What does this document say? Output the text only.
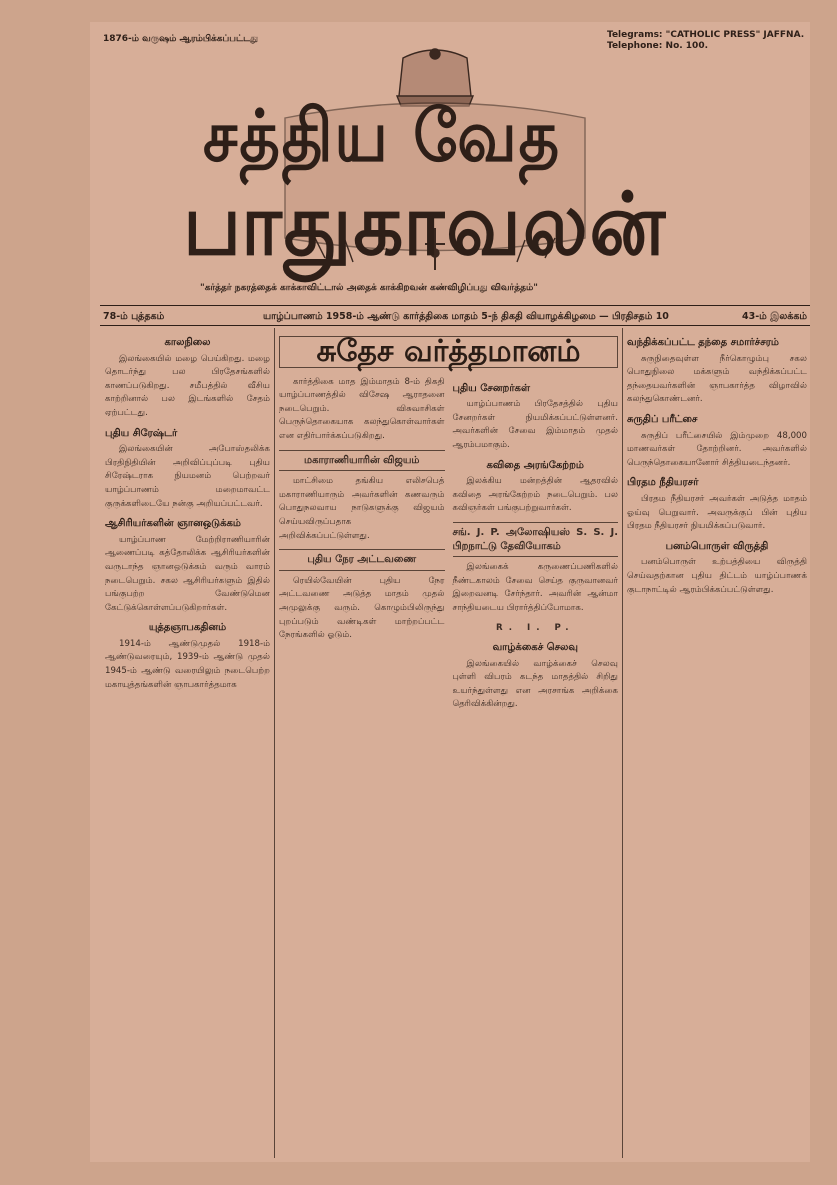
1876-ம் வருஷம் ஆரம்பிக்கப்பட்டது	Telegrams: "CATHOLIC PRESS" JAFFNA.
Telephone: No. 100.
சத்திய வேத
பாதுகாவலன்
"கர்த்தர் நகரத்தைக் காக்காவிட்டால் அதைக் காக்கிறவன் கண்விழிப்பது விவர்த்தம்"
78-ம் புத்தகம்	யாழ்ப்பாணம் 1958-ம் ஆண்டு கார்த்திகை மாதம் 5-ந் திகதி வியாழக்கிழமை — பிரதிசதம் 10	43-ம் இலக்கம்
காலநிலை

இலங்கையில் மழை பெய்கிறது. மழை தொடர்ந்து பல பிரதேசங்களில் காணப்படுகிறது. சமீபத்தில் வீசிய காற்றினால் பல இடங்களில் சேதம் ஏற்பட்டது.

புதிய சிரேஷ்டர்

இலங்கையின் அபோஸ்தலிக்க பிரதிநிதியின் அறிவிப்புப்படி புதிய சிரேஷ்டராக நியமனம் பெற்றவர் யாழ்ப்பாணம் மறைமாவட்ட குருக்களிடையே நன்கு அறியப்பட்டவர்.

ஆசிரியர்களின் ஞானஒடுக்கம்

யாழ்ப்பாண மேற்றிராணியாரின் ஆணைப்படி கத்தோலிக்க ஆசிரியர்களின் வருடாந்த ஞானஒடுக்கம் வரும் வாரம் நடைபெறும். சகல ஆசிரியர்களும் இதில் பங்குபற்ற வேண்டுமென கேட்டுக்கொள்ளப்படுகிறார்கள்.

யுத்தஞாபகதினம்

1914-ம் ஆண்டுமுதல் 1918-ம் ஆண்டுவரையும், 1939-ம் ஆண்டு முதல் 1945-ம் ஆண்டு வரையிலும் நடைபெற்ற மகாயுத்தங்களின் ஞாபகார்த்தமாக

சுதேச வர்த்தமானம்

கார்த்திகை மாத இம்மாதம் 8-ம் திகதி யாழ்ப்பாணத்தில் விசேஷ ஆராதனை நடைபெறும். விசுவாசிகள் பெருந்தொகையாக கலந்துகொள்வார்கள் என எதிர்பார்க்கப்படுகிறது.

மகாராணியாரின் விஜயம்

மாட்சிமை தங்கிய எலிசபெத் மகாராணியாரும் அவர்களின் கணவரும் பொதுநலவாய நாடுகளுக்கு விஜயம் செய்யவிருப்பதாக அறிவிக்கப்பட்டுள்ளது.

புதிய நேர அட்டவணை

ரெயில்வேயின் புதிய நேர அட்டவணை அடுத்த மாதம் முதல் அமுலுக்கு வரும். கொழும்பிலிருந்து புறப்படும் வண்டிகள் மாற்றப்பட்ட நேரங்களில் ஓடும்.

புதிய சேனறர்கள்

யாழ்ப்பாணம் பிரதேசத்தில் புதிய சேனறர்கள் நியமிக்கப்பட்டுள்ளனர். அவர்களின் சேவை இம்மாதம் முதல் ஆரம்பமாகும்.

கவிதை அரங்கேற்றம்

இலக்கிய மன்றத்தின் ஆதரவில் கவிதை அரங்கேற்றம் நடைபெறும். பல கவிஞர்கள் பங்குபற்றுவார்கள்.

சங். J. P. அலோஷியஸ் S. S. J. பிறநாட்டு தேவியோகம்

இலங்கைக் கருணைப்பணிகளில் நீண்டகாலம் சேவை செய்த குருவானவர் இறைவனடி சேர்ந்தார். அவரின் ஆன்மா சாந்தியடைய பிரார்த்திப்போமாக.

R. I. P.
வாழ்க்கைச் செலவு

இலங்கையில் வாழ்க்கைச் செலவு புள்ளி விபரம் கடந்த மாதத்தில் சிறிது உயர்ந்துள்ளது என அரசாங்க அறிக்கை தெரிவிக்கின்றது.

வந்திக்கப்பட்ட தந்தை சமார்ச்சரம்

சுருநிதைவுள்ள நீர்கொழும்பு சகல பொதுநிலை மக்களும் வந்திக்கப்பட்ட தந்தையவர்களின் ஞாபகார்த்த விழாவில் கலந்துகொண்டனர்.

சுருதிப் பரீட்சை

சுருதிப் பரீட்சையில் இம்முறை 48,000 மாணவர்கள் தோற்றினர். அவர்களில் பெருந்தொகையானோர் சித்தியடைந்தனர்.

பிரதம நீதியரசர்

பிரதம நீதியரசர் அவர்கள் அடுத்த மாதம் ஓய்வு பெறுவார். அவருக்குப் பின் புதிய பிரதம நீதியரசர் நியமிக்கப்படுவார்.

பனம்பொருள் விருத்தி

பனம்பொருள் உற்பத்தியை விருத்தி செய்வதற்கான புதிய திட்டம் யாழ்ப்பாணக் குடாநாட்டில் ஆரம்பிக்கப்பட்டுள்ளது.
